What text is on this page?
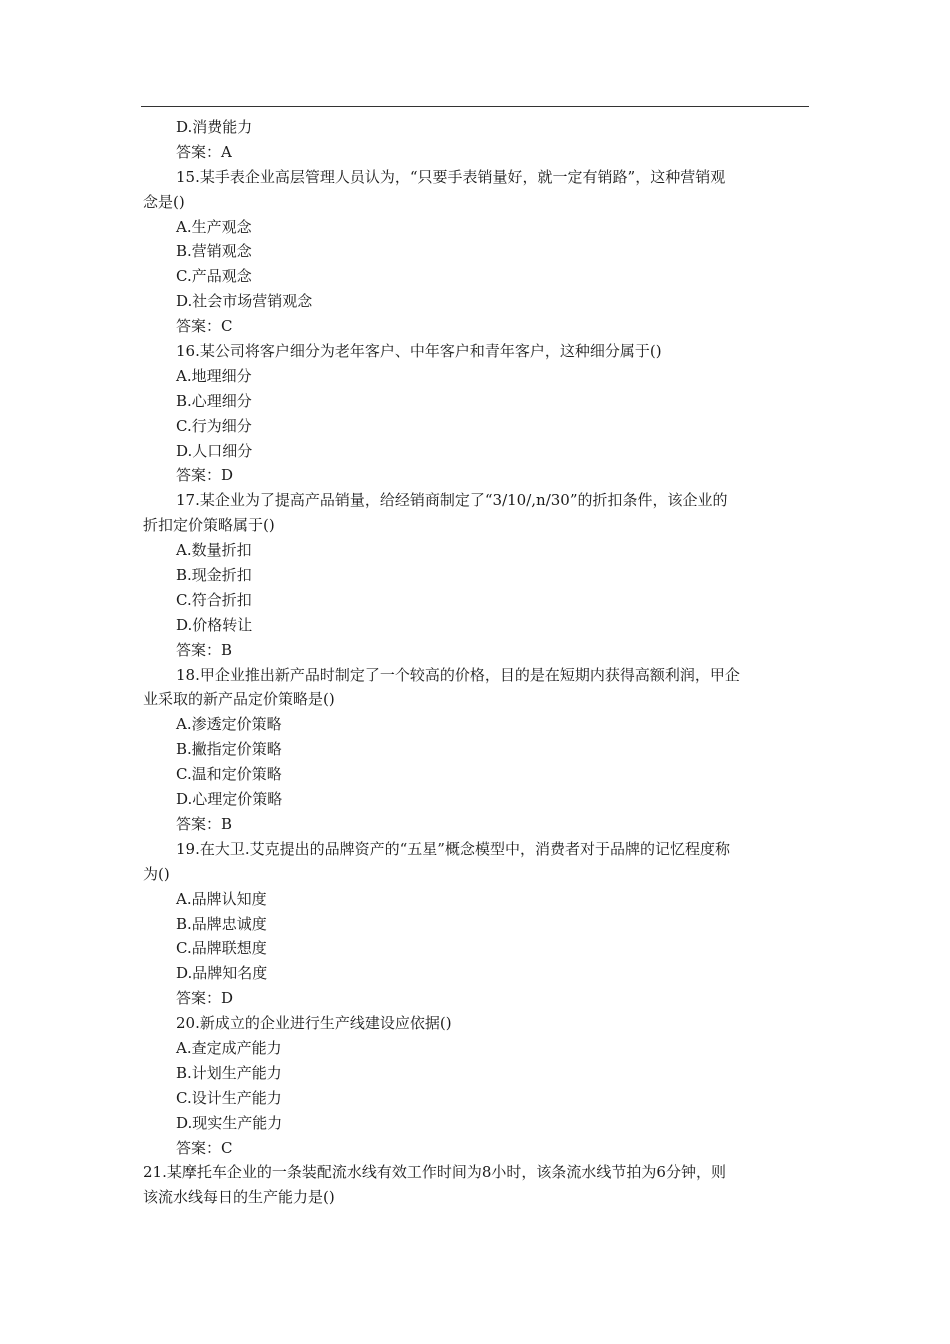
D.消费能力
答案：A
15.某手表企业高层管理人员认为，“只要手表销量好，就一定有销路”，这种营销观
念是()
A.生产观念
B.营销观念
C.产品观念
D.社会市场营销观念
答案：C
16.某公司将客户细分为老年客户、中年客户和青年客户，这种细分属于()
A.地理细分
B.心理细分
C.行为细分
D.人口细分
答案：D
17.某企业为了提高产品销量，给经销商制定了“3/10/,n/30”的折扣条件，该企业的
折扣定价策略属于()
A.数量折扣
B.现金折扣
C.符合折扣
D.价格转让
答案：B
18.甲企业推出新产品时制定了一个较高的价格，目的是在短期内获得高额利润，甲企
业采取的新产品定价策略是()
A.渗透定价策略
B.撇指定价策略
C.温和定价策略
D.心理定价策略
答案：B
19.在大卫.艾克提出的品牌资产的“五星”概念模型中，消费者对于品牌的记忆程度称
为()
A.品牌认知度
B.品牌忠诚度
C.品牌联想度
D.品牌知名度
答案：D
20.新成立的企业进行生产线建设应依据()
A.查定成产能力
B.计划生产能力
C.设计生产能力
D.现实生产能力
答案：C
21.某摩托车企业的一条装配流水线有效工作时间为8小时，该条流水线节拍为6分钟，则
该流水线每日的生产能力是()
